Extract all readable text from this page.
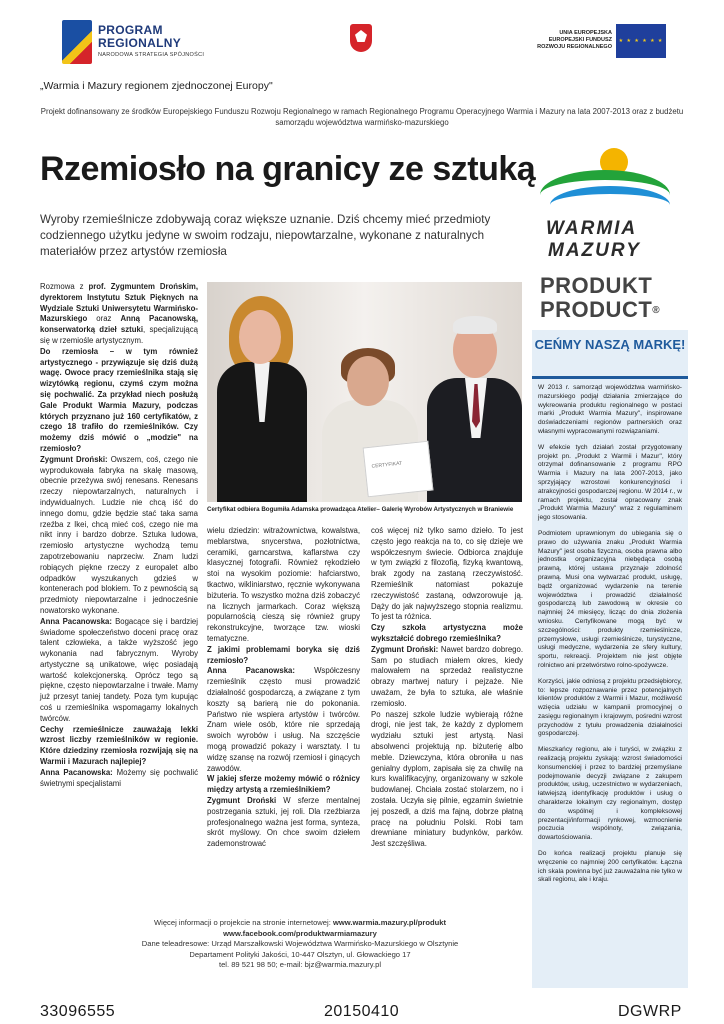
PROGRAM
REGIONALNY
NARODOWA STRATEGIA SPÓJNOŚCI
UNIA EUROPEJSKA
EUROPEJSKI FUNDUSZ
ROZWOJU REGIONALNEGO
★ ★ ★ ★ ★ ★
„Warmia i Mazury regionem zjednoczonej Europy"
Projekt dofinansowany ze środków Europejskiego Funduszu Rozwoju Regionalnego w ramach Regionalnego Programu Operacyjnego Warmia i Mazury na lata 2007-2013 oraz z budżetu samorządu województwa warmińsko-mazurskiego
Rzemiosło na granicy ze sztuką
Wyroby rzemieślnicze zdobywają coraz większe uznanie. Dziś chcemy mieć przedmioty codziennego użytku jedyne w swoim rodzaju, niepowtarzalne, wykonane z naturalnych materiałów przez artystów rzemiosła
WARMIA
MAZURY
PRODUKT
PRODUCT®
CERTYFIKAT
Certyfikat odbiera Bogumiła Adamska prowadząca Atelier– Galerię Wyrobów Artystycznych w Braniewie
Rozmowa z prof. Zygmuntem Drońskim, dyrektorem Instytutu Sztuk Pięknych na Wydziale Sztuki Uniwersytetu Warmińsko-Mazurskiego oraz Anną Pacanowską, konserwatorką dzieł sztuki, specjalizującą się w rzemiośle artystycznym.
Do rzemiosła – w tym również artystycznego - przywiązuje się dziś dużą wagę. Owoce pracy rzemieślnika stają się wizytówką regionu, czymś czym można się pochwalić. Za przykład niech posłużą Gale Produkt Warmia Mazury, podczas których przyznano już 160 certyfikatów, z czego 18 trafiło do rzemieślników. Czy możemy dziś mówić o „modzie" na rzemiosło?
Zygmunt Droński: Owszem, coś, czego nie wyprodukowała fabryka na skalę masową, obecnie przeżywa swój renesans. Renesans rzeczy niepowtarzalnych, naturalnych i indywidualnych. Ludzie nie chcą iść do innego domu, gdzie będzie stać taka sama rzeźba z Ikei, chcą mieć coś, czego nie ma nikt inny i bardzo dobrze. Sztuka ludowa, rzemiosło artystyczne wychodzą temu zapotrzebowaniu naprzeciw. Znam ludzi robiących piękne rzeczy z europalet albo odpadków wyszukanych gdzieś w kontenerach pod blokiem. To z pewnością są przedmioty niepowtarzalne i jednocześnie nowatorsko wykonane.
Anna Pacanowska: Bogacące się i bardziej świadome społeczeństwo doceni pracę oraz talent człowieka, a także wyższość jego wykonania nad fabrycznym. Wyroby artystyczne są unikatowe, więc posiadają wartość kolekcjonerską. Oprócz tego są piękne, często niepowtarzalne i trwałe. Mamy już przesyt taniej tandety. Poza tym kupując coś u rzemieślnika wspomagamy lokalnych twórców.
Cechy rzemieślnicze zauważają lekki wzrost liczby rzemieślników w regionie. Które dziedziny rzemiosła rozwijają się na Warmii i Mazurach najlepiej?
Anna Pacanowska: Możemy się pochwalić świetnymi specjalistami
wielu dziedzin: witrażownictwa, kowalstwa, meblarstwa, snycerstwa, pozłotnictwa, ceramiki, garncarstwa, kaflarstwa czy klasycznej fotografii. Również rękodzieło stoi na wysokim poziomie: hafciarstwo, tkactwo, wikliniarstwo, ręcznie wykonywana biżuteria. To wszystko można dziś zobaczyć na licznych jarmarkach. Coraz większą popularnością cieszą się również grupy rekonstrukcyjne, tworzące tzw. wioski tematyczne.
Z jakimi problemami boryka się dziś rzemiosło?
Anna Pacanowska: Współczesny rzemieślnik często musi prowadzić działalność gospodarczą, a związane z tym koszty są barierą nie do pokonania. Państwo nie wspiera artystów i twórców. Znam wiele osób, które nie sprzedają swoich wyrobów i usług. Na szczęście mogą prowadzić pokazy i warsztaty. I tu widzę szansę na rozwój rzemiosł i ginących zawodów.
W jakiej sferze możemy mówić o różnicy między artystą a rzemieślnikiem?
Zygmunt Droński W sferze mentalnej postrzegania sztuki, jej roli. Dla rzeźbiarza profesjonalnego ważna jest forma, synteza, skrót myślowy. On chce swoim dziełem zademonstrować
coś więcej niż tylko samo dzieło. To jest często jego reakcja na to, co się dzieje we współczesnym świecie. Odbiorca znajduje w tym związki z filozofią, fizyką kwantową, brak zgody na zastaną rzeczywistość. Rzemieślnik natomiast pokazuje rzeczywistość zastaną, odwzorowuje ją. Dąży do jak najwyższego stopnia realizmu. To jest ta różnica.
Czy szkoła artystyczna może wykształcić dobrego rzemieślnika?
Zygmunt Droński: Nawet bardzo dobrego. Sam po studiach miałem okres, kiedy malowałem na sprzedaż realistyczne obrazy martwej natury i pejzaże. Nie uważam, że była to sztuka, ale właśnie rzemiosło.
Po naszej szkole ludzie wybierają różne drogi, nie jest tak, że każdy z dyplomem wydziału sztuki jest artystą. Nasi absolwenci projektują np. biżuterię albo meble. Dziewczyna, która obroniła u nas genialny dyplom, zapisała się za chwilę na kurs kwalifikacyjny, organizowany w szkole budowlanej. Chciała zostać stolarzem, no i została. Uczyła się pilnie, egzamin świetnie jej poszedł, a dziś ma fajną, dobrze płatną pracę na południu Polski. Robi tam drewniane miniatury budynków, parków. Jest szczęśliwa.
CEŃMY NASZĄ MARKĘ!

W 2013 r. samorząd województwa warmińsko-mazurskiego podjął działania zmierzające do wykreowania produktu regionalnego w postaci marki „Produkt Warmia Mazury", inspirowane doświadczeniami regionów partnerskich oraz własnymi wypracowanymi rozwiązaniami.

W efekcie tych działań został przygotowany projekt pn. „Produkt z Warmii i Mazur", który otrzymał dofinansowanie z programu RPO Warmia i Mazury na lata 2007-2013, jako sprzyjający wzrostowi konkurencyjności i atrakcyjności gospodarczej regionu. W 2014 r., w ramach projektu, został opracowany znak „Produkt Warmia Mazury" wraz z regulaminem jego stosowania.

Podmiotem uprawnionym do ubiegania się o prawo do używania znaku „Produkt Warmia Mazury" jest osoba fizyczna, osoba prawna albo jednostka organizacyjna niebędąca osobą prawną, której ustawa przyznaje zdolność prawną. Musi ona wytwarzać produkt, usługę, bądź organizować wydarzenie na terenie województwa i prowadzić działalność gospodarczą lub zawodową w okresie co najmniej 24 miesięcy, licząc do dnia złożenia wniosku. Certyfikowane mogą być w szczególności: produkty rzemieślnicze, przemysłowe, usługi rzemieślnicze, turystyczne, usługi medyczne, wydarzenia ze sfery kultury, sportu, rekreacji. Projektem nie jest objęte rolnictwo ani przetwórstwo rolno-spożywcze.

Korzyści, jakie odniosą z projektu przedsiębiorcy, to: lepsze rozpoznawanie przez potencjalnych klientów produktów z Warmii i Mazur, możliwość wzięcia udziału w kampanii promocyjnej o zasięgu regionalnym i krajowym, pośredni wzrost przychodów z tytułu prowadzenia działalności gospodarczej.

Mieszkańcy regionu, ale i turyści, w związku z realizacją projektu zyskają: wzrost świadomości konsumenckiej i przez to bardziej przemyślane podejmowanie decyzji związane z zakupem produktów, usług, uczestnictwo w wydarzeniach, łatwiejszą identyfikację produktów i usług o charakterze lokalnym czy regionalnym, dostęp do wspólnej i kompleksowej prezentacji/informacji rynkowej, wzmocnienie poczucia wspólnoty, związania, dowartościowania.

Do końca realizacji projektu planuje się wręczenie co najmniej 200 certyfikatów. Łączna ich skala powinna być już zauważalna nie tylko w skali regionu, ale i kraju.

Więcej informacji o projekcie na stronie internetowej: www.warmia.mazury.pl/produkt
www.facebook.com/produktwarmiamazury
Dane teleadresowe: Urząd Marszałkowski Województwa Warmińsko-Mazurskiego w Olsztynie
Departament Polityki Jakości, 10-447 Olsztyn, ul. Głowackiego 17
tel. 89 521 98 50; e-mail: bjz@warmia.mazury.pl
33096555	20150410	DGWRP
